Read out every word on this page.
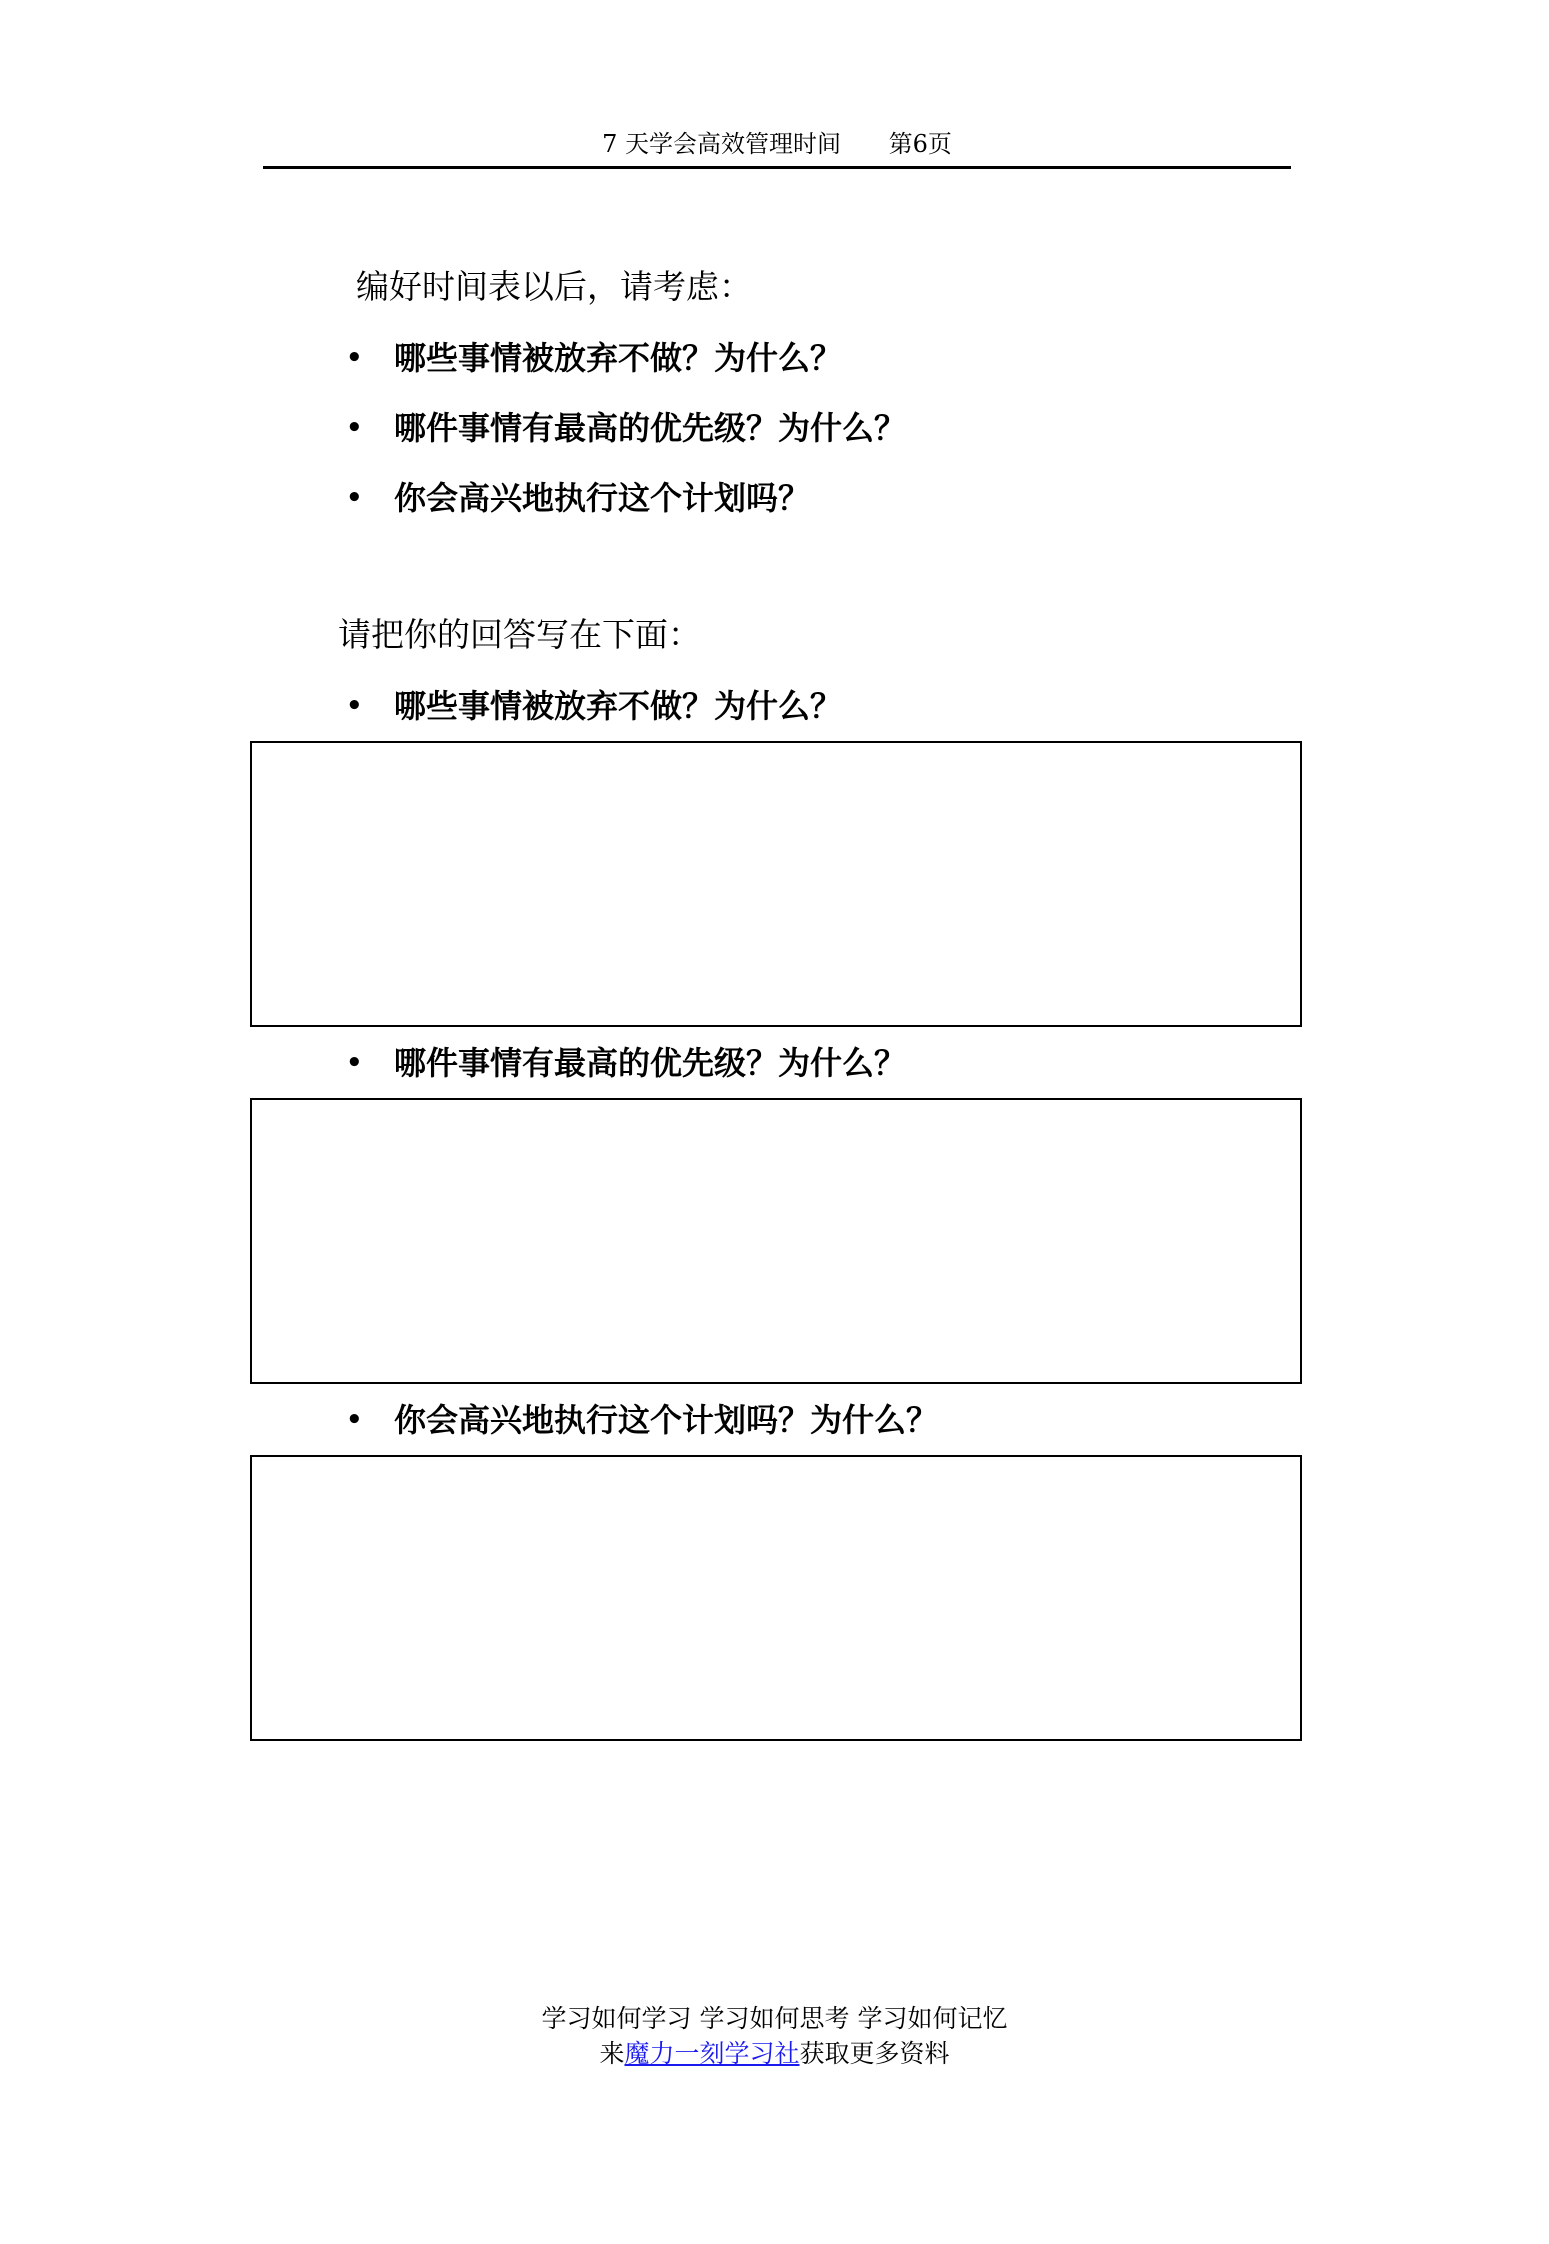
7 天学会高效管理时间 第6页
编好时间表以后，请考虑：
• 哪些事情被放弃不做？为什么？
• 哪件事情有最高的优先级？为什么？
• 你会高兴地执行这个计划吗？
请把你的回答写在下面：
• 哪些事情被放弃不做？为什么？
• 哪件事情有最高的优先级？为什么？
• 你会高兴地执行这个计划吗？为什么？
学习如何学习 学习如何思考 学习如何记忆
来魔力一刻学习社获取更多资料
